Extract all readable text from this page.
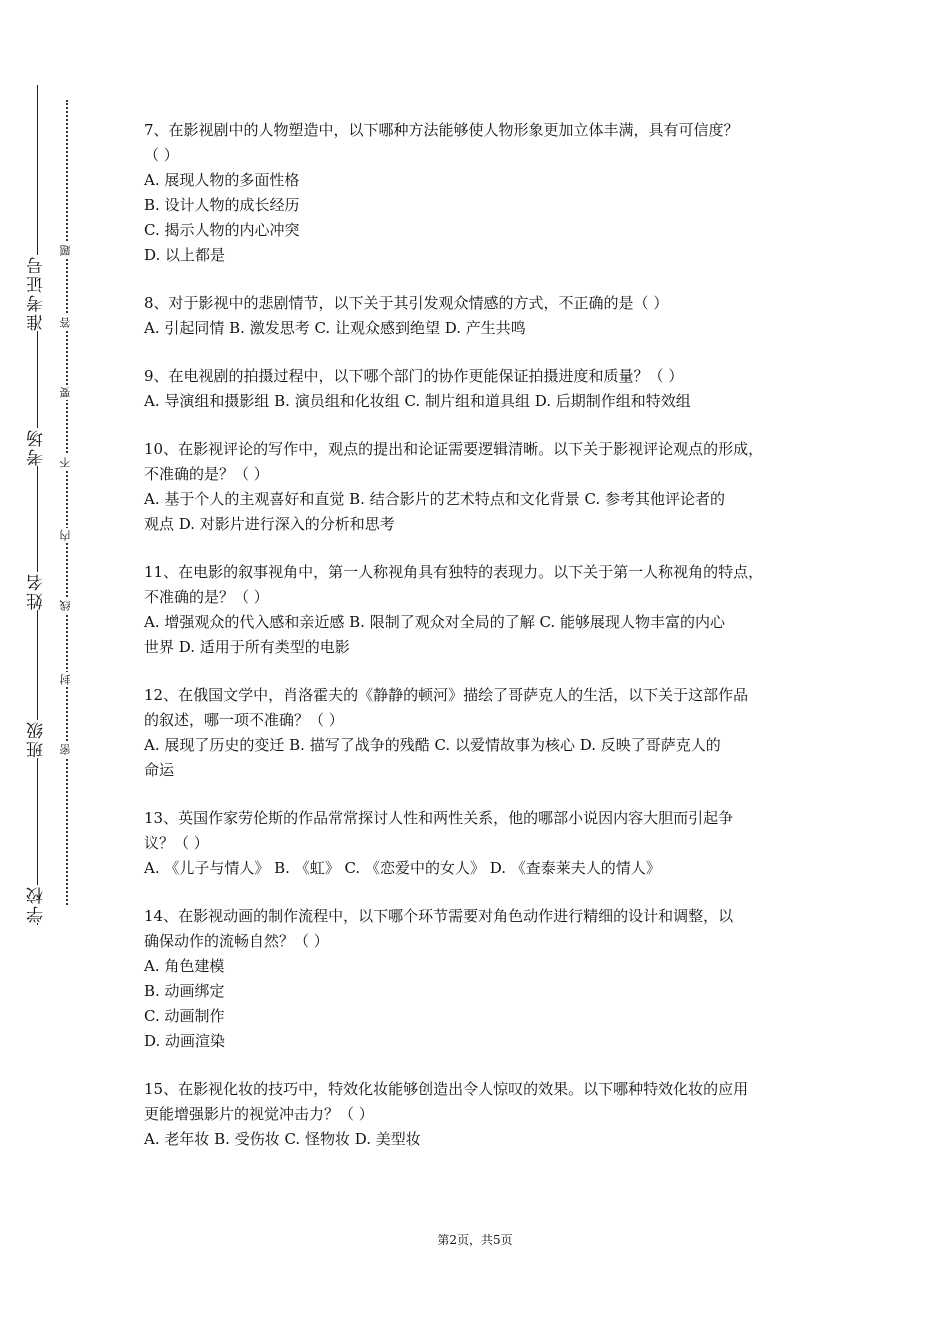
准考证号
考场
姓名
班级
学校
题
答
要
不
内
线
封
密

7、在影视剧中的人物塑造中，以下哪种方法能够使人物形象更加立体丰满，具有可信度？

（ ）

A. 展现人物的多面性格

B. 设计人物的成长经历

C. 揭示人物的内心冲突

D. 以上都是

8、对于影视中的悲剧情节，以下关于其引发观众情感的方式，不正确的是（ ）

A. 引起同情 B. 激发思考 C. 让观众感到绝望 D. 产生共鸣

9、在电视剧的拍摄过程中，以下哪个部门的协作更能保证拍摄进度和质量？（ ）

A. 导演组和摄影组 B. 演员组和化妆组 C. 制片组和道具组 D. 后期制作组和特效组

10、在影视评论的写作中，观点的提出和论证需要逻辑清晰。以下关于影视评论观点的形成，

不准确的是？（ ）

A. 基于个人的主观喜好和直觉 B. 结合影片的艺术特点和文化背景 C. 参考其他评论者的

观点 D. 对影片进行深入的分析和思考

11、在电影的叙事视角中，第一人称视角具有独特的表现力。以下关于第一人称视角的特点，

不准确的是？（ ）

A. 增强观众的代入感和亲近感 B. 限制了观众对全局的了解 C. 能够展现人物丰富的内心

世界 D. 适用于所有类型的电影

12、在俄国文学中，肖洛霍夫的《静静的顿河》描绘了哥萨克人的生活，以下关于这部作品

的叙述，哪一项不准确？（ ）

A. 展现了历史的变迁 B. 描写了战争的残酷 C. 以爱情故事为核心 D. 反映了哥萨克人的

命运

13、英国作家劳伦斯的作品常常探讨人性和两性关系，他的哪部小说因内容大胆而引起争

议？（ ）

A. 《儿子与情人》 B. 《虹》 C. 《恋爱中的女人》 D. 《查泰莱夫人的情人》

14、在影视动画的制作流程中，以下哪个环节需要对角色动作进行精细的设计和调整，以

确保动作的流畅自然？（ ）

A. 角色建模

B. 动画绑定

C. 动画制作

D. 动画渲染

15、在影视化妆的技巧中，特效化妆能够创造出令人惊叹的效果。以下哪种特效化妆的应用

更能增强影片的视觉冲击力？（ ）

A. 老年妆 B. 受伤妆 C. 怪物妆 D. 美型妆

第2页，共5页
